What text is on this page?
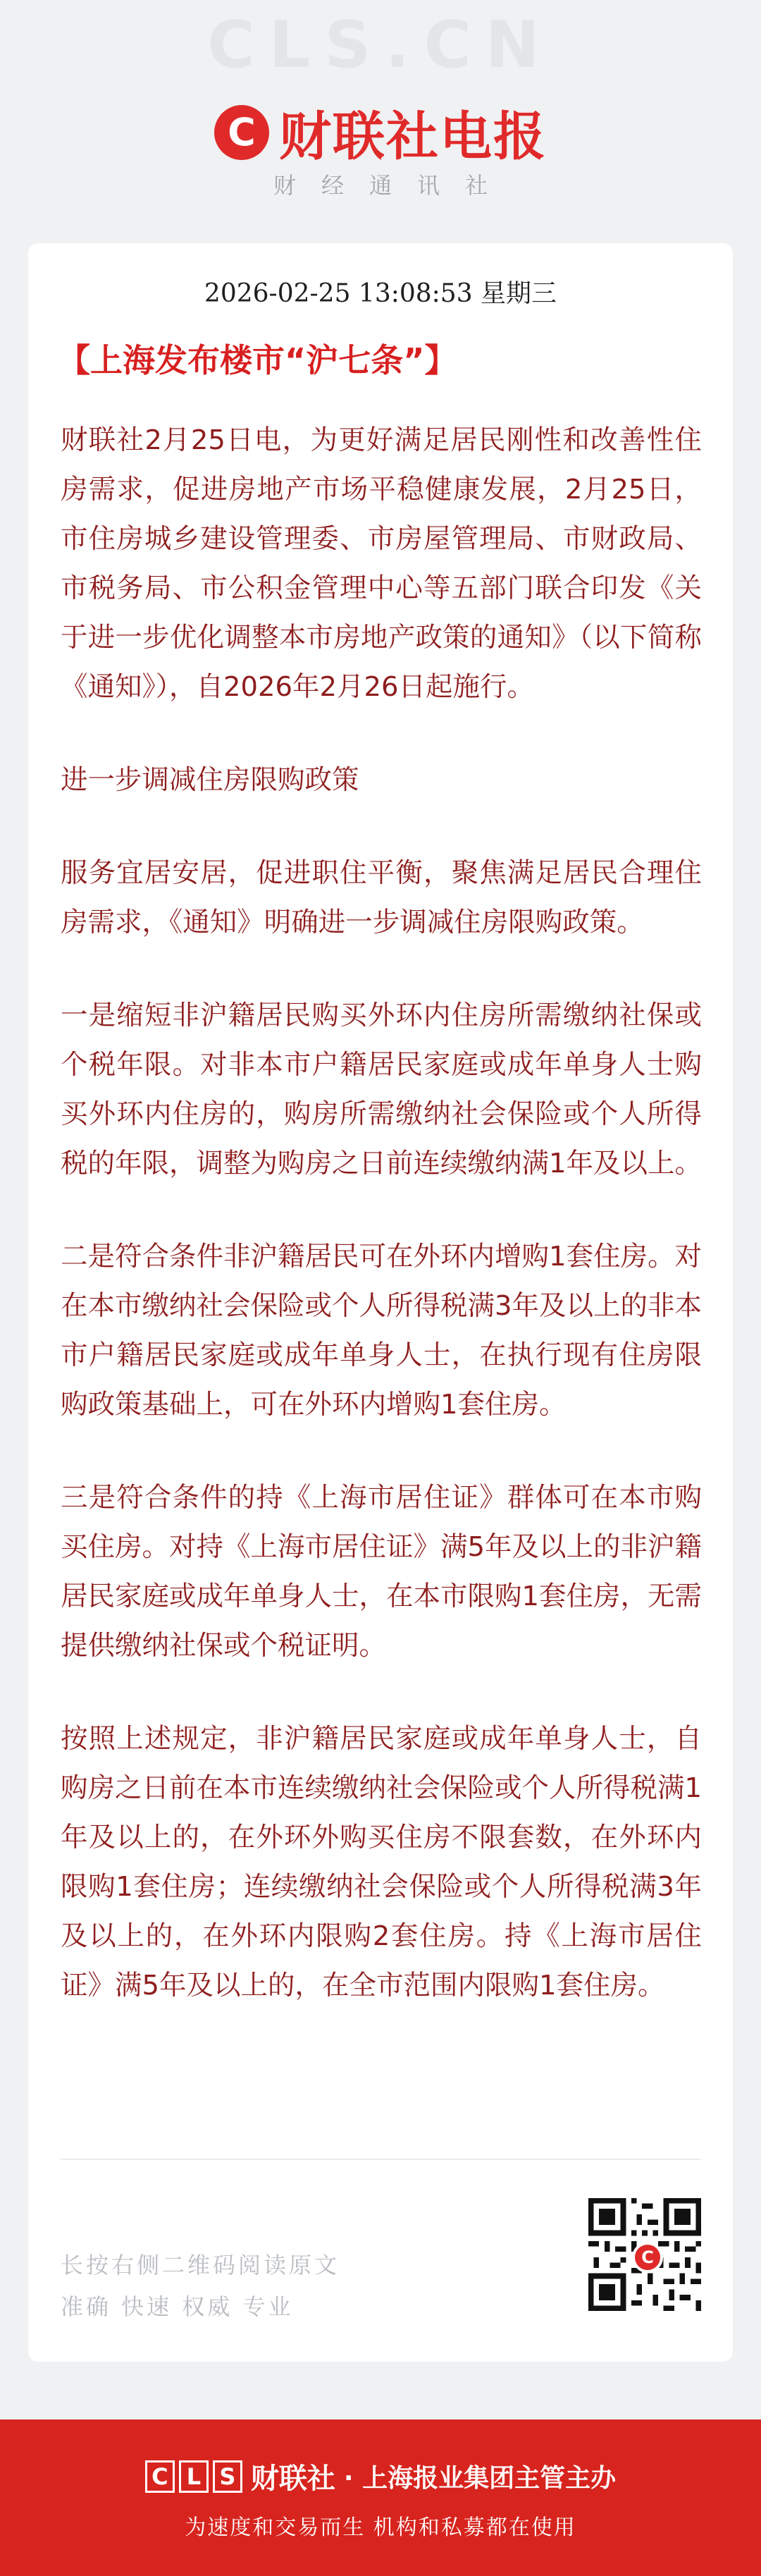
CLS.CN
C 财联社电报
财经通讯社
2026-02-25 13:08:53 星期三
【上海发布楼市“沪七条”】

财联社2月25日电，为更好满足居民刚性和改善性住房需求，促进房地产市场平稳健康发展，2月25日，市住房城乡建设管理委、市房屋管理局、市财政局、市税务局、市公积金管理中心等五部门联合印发《关于进一步优化调整本市房地产政策的通知》（以下简称《通知》），自2026年2月26日起施行。

进一步调减住房限购政策

服务宜居安居，促进职住平衡，聚焦满足居民合理住房需求，《通知》明确进一步调减住房限购政策。

一是缩短非沪籍居民购买外环内住房所需缴纳社保或个税年限。对非本市户籍居民家庭或成年单身人士购买外环内住房的，购房所需缴纳社会保险或个人所得税的年限，调整为购房之日前连续缴纳满1年及以上。

二是符合条件非沪籍居民可在外环内增购1套住房。对在本市缴纳社会保险或个人所得税满3年及以上的非本市户籍居民家庭或成年单身人士，在执行现有住房限购政策基础上，可在外环内增购1套住房。

三是符合条件的持《上海市居住证》群体可在本市购买住房。对持《上海市居住证》满5年及以上的非沪籍居民家庭或成年单身人士，在本市限购1套住房，无需提供缴纳社保或个税证明。

按照上述规定，非沪籍居民家庭或成年单身人士，自购房之日前在本市连续缴纳社会保险或个人所得税满1年及以上的，在外环外购买住房不限套数，在外环内限购1套住房；连续缴纳社会保险或个人所得税满3年及以上的，在外环内限购2套住房。持《上海市居住证》满5年及以上的，在全市范围内限购1套住房。

长按右侧二维码阅读原文
准确 快速 权威 专业
C
C L S 财联社 · 上海报业集团主管主办
为速度和交易而生 机构和私募都在使用
